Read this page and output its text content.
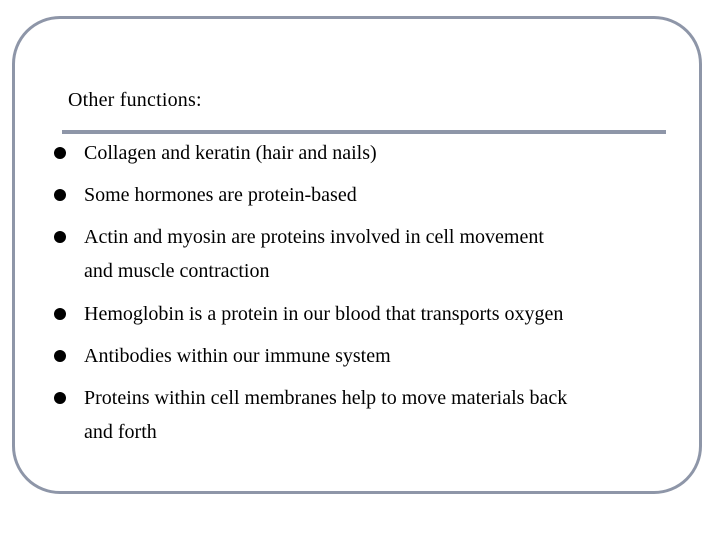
Other functions:
Collagen and keratin (hair and nails)
Some hormones are protein-based
Actin and myosin are proteins involved in cell movement
and muscle contraction
Hemoglobin is a protein in our blood that transports oxygen
Antibodies within our immune system
Proteins within cell membranes help to move materials back
and forth
